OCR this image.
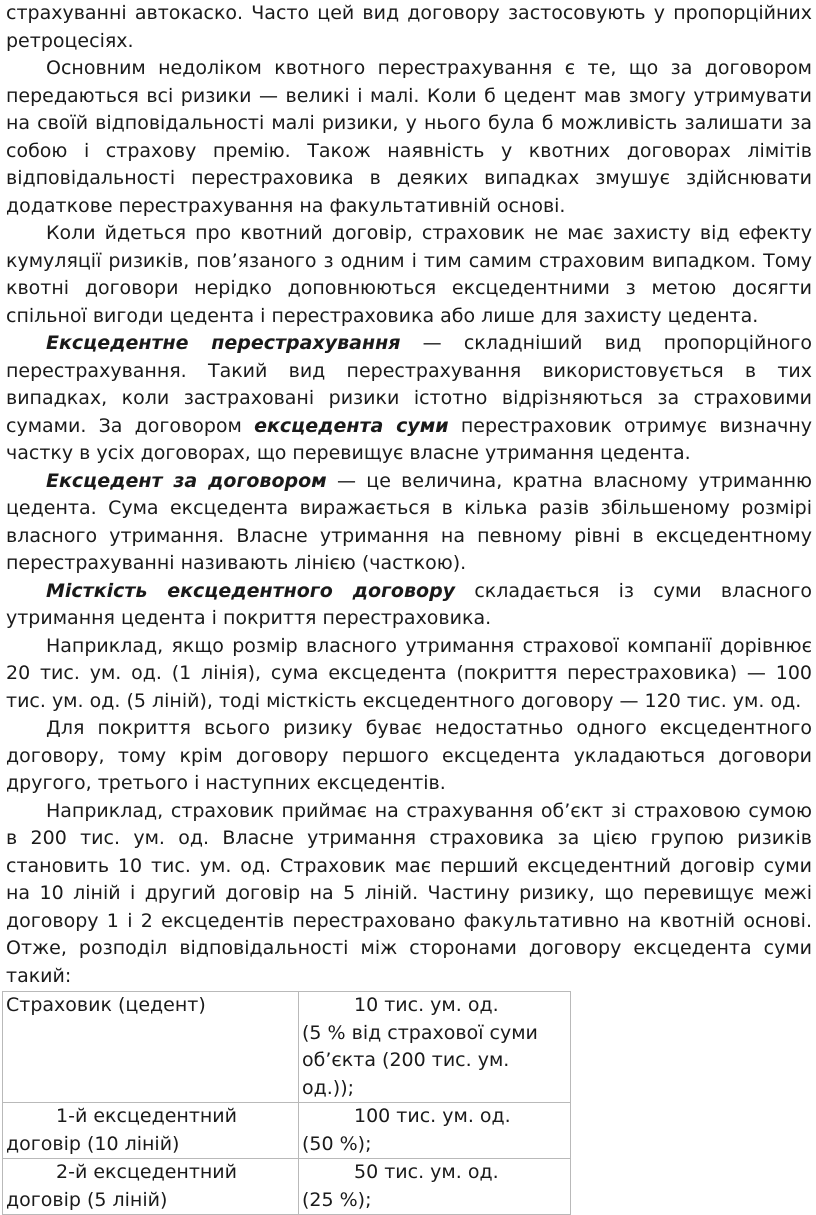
страхуванні автокаско. Часто цей вид договору застосовують у пропорційних ретроцесіях.

Основним недоліком квотного перестрахування є те, що за договором передаються всі ризики — великі і малі. Коли б цедент мав змогу утримувати на своїй відповідальності малі ризики, у нього була б можливість залишати за собою і страхову премію. Також наявність у квотних договорах лімітів відповідальності перестраховика в деяких випадках змушує здійснювати додаткове перестрахування на факультативній основі.

Коли йдеться про квотний договір, страховик не має захисту від ефекту кумуляції ризиків, пов’язаного з одним і тим самим страховим випадком. Тому квотні договори нерідко доповнюються ексцедентними з метою досягти спільної вигоди цедента і перестраховика або лише для захисту цедента.

Ексцедентне перестрахування — складніший вид пропорційного перестрахування. Такий вид перестрахування використовується в тих випадках, коли застраховані ризики істотно відрізняються за страховими сумами. За договором ексцедента суми перестраховик отримує визначну частку в усіх договорах, що перевищує власне утримання цедента.

Ексцедент за договором — це величина, кратна власному утриманню цедента. Сума ексцедента виражається в кілька разів збільшеному розмірі власного утримання. Власне утримання на певному рівні в ексцедентному перестрахуванні називають лінією (часткою).

Місткість ексцедентного договору складається із суми власного утримання цедента і покриття перестраховика.

Наприклад, якщо розмір власного утримання страхової компанії дорівнює 20 тис. ум. од. (1 лінія), сума ексцедента (покриття перестраховика) — 100 тис. ум. од. (5 ліній), тоді місткість ексцедентного договору — 120 тис. ум. од.

Для покриття всього ризику буває недостатньо одного ексцедентного договору, тому крім договору першого ексцедента укладаються договори другого, третього і наступних ексцедентів.

Наприклад, страховик приймає на страхування об’єкт зі страховою сумою в 200 тис. ум. од. Власне утримання страховика за цією групою ризиків становить 10 тис. ум. од. Страховик має перший ексцедентний договір суми на 10 ліній і другий договір на 5 ліній. Частину ризику, що перевищує межі договору 1 і 2 ексцедентів перестраховано факультативно на квотній основі. Отже, розподіл відповідальності між сторонами договору ексцедента суми такий:

Страховик (цедент)	10 тис. ум. од.
(5 % від страхової суми об’єкта (200 тис. ум. од.));

1-й ексцедентний договір (10 ліній)	100 тис. ум. од.
(50 %);

2-й ексцедентний договір (5 ліній)	50 тис. ум. од.
(25 %);
